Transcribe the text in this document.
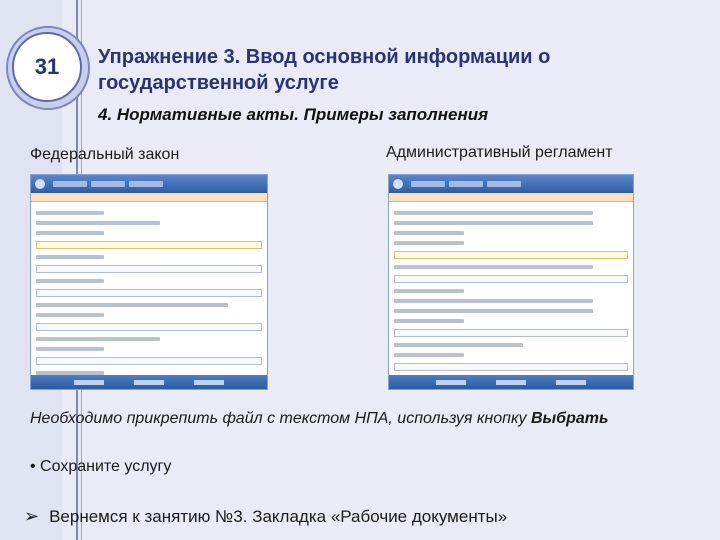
31	Упражнение 3. Ввод основной информации о государственной услуге
4. Нормативные акты. Примеры заполнения
Федеральный закон	Административный регламент
Необходимо прикрепить файл с текстом НПА, используя кнопку Выбрать
• Сохраните услугу
➢ Вернемся к занятию №3. Закладка «Рабочие документы»
